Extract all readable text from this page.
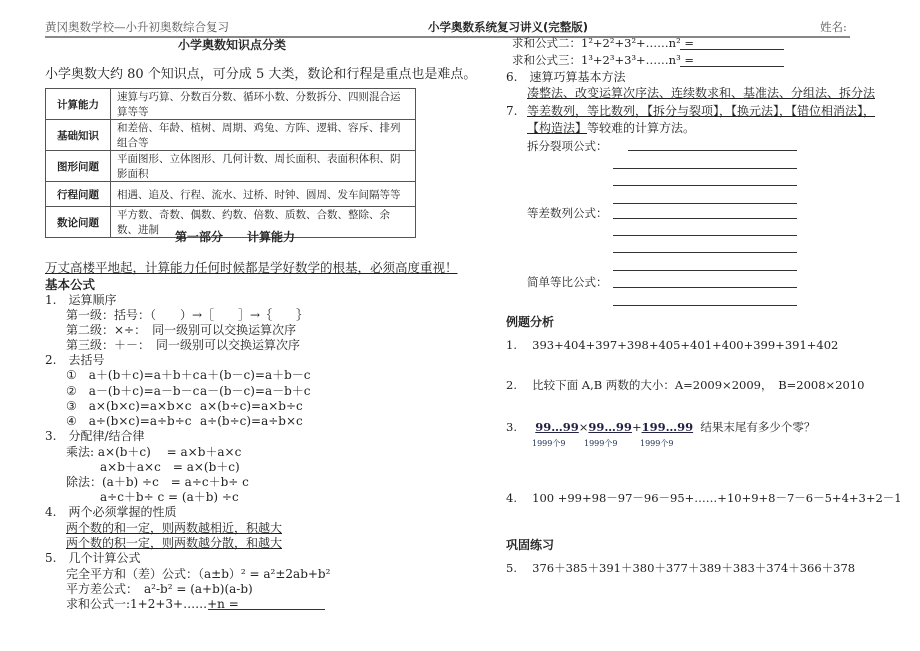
黄冈奥数学校—小升初奥数综合复习	小学奥数系统复习讲义(完整版)	姓名:
小学奥数知识点分类
小学奥数大约 80 个知识点，可分成 5 大类，数论和行程是重点也是难点。
计算能力	速算与巧算、分数百分数、循环小数、分数拆分、四则混合运算等等
基础知识	和差倍、年龄、植树、周期、鸡兔、方阵、逻辑、容斥、排列组合等
图形问题	平面图形、立体图形、几何计数、周长面积、表面积体积、阴影面积
行程问题	相遇、追及、行程、流水、过桥、时钟、圆周、发车间隔等等
数论问题	平方数、奇数、偶数、约数、倍数、质数、合数、整除、余数、进制 第一部分　　计算能力
万丈高楼平地起，计算能力任何时候都是学好数学的根基，必须高度重视！
基本公式
1.　运算顺序
第一级：括号：（　　）→［　　］→｛　　｝
第二级：×÷：　同一级别可以交换运算次序
第三级：＋－：　同一级别可以交换运算次序
2.　去括号
①　a＋(b＋c)=a＋b＋c a＋(b－c)=a＋b－c
②　a－(b＋c)=a－b－c a－(b－c)=a－b＋c
③　a×(b×c)=a×b×c a×(b÷c)=a×b÷c
④　a÷(b×c)=a÷b÷c a÷(b÷c)=a÷b×c
3.　分配律/结合律
乘法: a×(b＋c)　 = a×b＋a×c
a×b＋a×c　= a×(b＋c)
除法：(a＋b) ÷c　= a÷c＋b÷ c
a÷c＋b÷ c = (a＋b) ÷c
4.　两个必须掌握的性质
两个数的和一定，则两数越相近，积越大
两个数的积一定，则两数越分散，和越大
5.　几个计算公式
完全平方和（差）公式：（a±b）² = a²±2ab+b²
平方差公式：　a²-b² = (a+b)(a-b)
求和公式一:1+2+3+……+n =
求和公式二：1²+2²+3²+……n² =
求和公式三：1³+2³+3³+……n³ =
6.　速算巧算基本方法
凑整法、改变运算次序法、连续数求和、基准法、分组法、拆分法
7. 等差数列，等比数列，【拆分与裂项】，【换元法】，【错位相消法】，
【构造法】等较难的计算方法。
拆分裂项公式：
等差数列公式：
简单等比公式：
例题分析
1.　 393+404+397+398+405+401+400+399+391+402
2.　 比较下面 A,B 两数的大小：A=2009×2009，　B=2008×2010
3. 99…99×99…99+199…99 结果末尾有多少个零？
1999个9 1999个9	1999个9
4.　 100 +99+98－97－96－95+……+10+9+8－7－6－5+4+3+2－1
巩固练习
5.　 376＋385＋391＋380＋377＋389＋383＋374＋366＋378
